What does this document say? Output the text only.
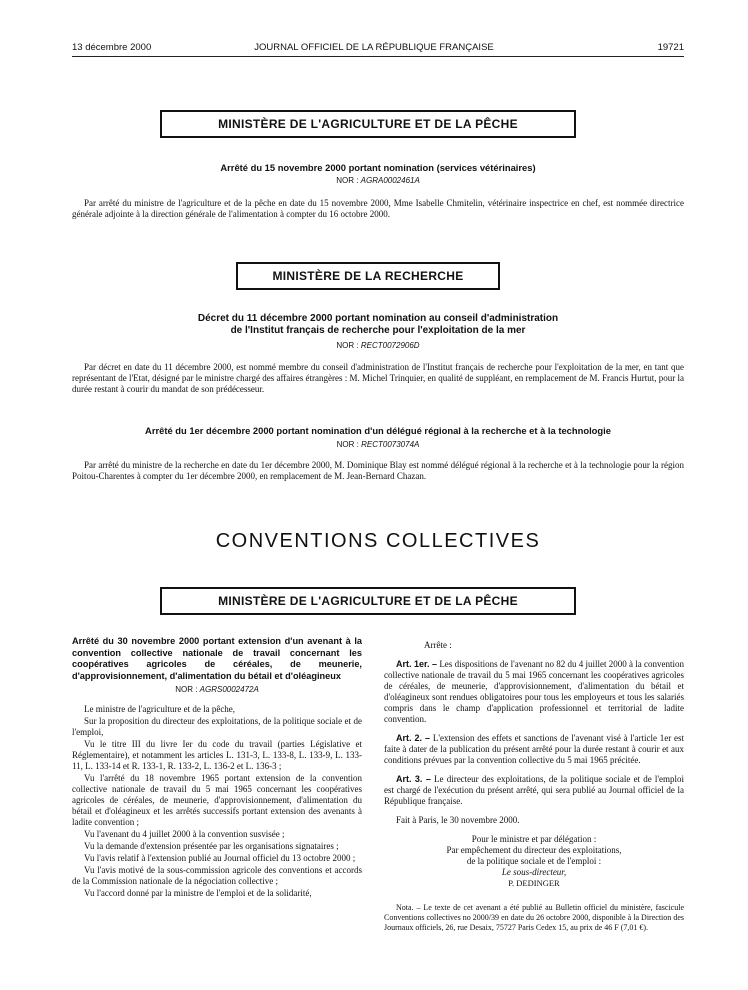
13 décembre 2000	JOURNAL OFFICIEL DE LA RÉPUBLIQUE FRANÇAISE	19721
MINISTÈRE DE L'AGRICULTURE ET DE LA PÊCHE
Arrêté du 15 novembre 2000 portant nomination (services vétérinaires)
NOR : AGRA0002461A

Par arrêté du ministre de l'agriculture et de la pêche en date du 15 novembre 2000, Mme Isabelle Chmitelin, vétérinaire inspectrice en chef, est nommée directrice générale adjointe à la direction générale de l'alimentation à compter du 16 octobre 2000.

MINISTÈRE DE LA RECHERCHE
Décret du 11 décembre 2000 portant nomination au conseil d'administration
de l'Institut français de recherche pour l'exploitation de la mer
NOR : RECT0072906D

Par décret en date du 11 décembre 2000, est nommé membre du conseil d'administration de l'Institut français de recherche pour l'exploitation de la mer, en tant que représentant de l'Etat, désigné par le ministre chargé des affaires étrangères : M. Michel Trinquier, en qualité de suppléant, en remplacement de M. Francis Hurtut, pour la durée restant à courir du mandat de son prédécesseur.

Arrêté du 1er décembre 2000 portant nomination d'un délégué régional à la recherche et à la technologie
NOR : RECT0073074A

Par arrêté du ministre de la recherche en date du 1er décembre 2000, M. Dominique Blay est nommé délégué régional à la recherche et à la technologie pour la région Poitou-Charentes à compter du 1er décembre 2000, en remplacement de M. Jean-Bernard Chazan.

CONVENTIONS COLLECTIVES
MINISTÈRE DE L'AGRICULTURE ET DE LA PÊCHE
Arrêté du 30 novembre 2000 portant extension d'un avenant à la convention collective nationale de travail concernant les coopératives agricoles de céréales, de meunerie, d'approvisionnement, d'alimentation du bétail et d'oléagineux
NOR : AGRS0002472A

Le ministre de l'agriculture et de la pêche,

Sur la proposition du directeur des exploitations, de la politique sociale et de l'emploi,

Vu le titre III du livre Ier du code du travail (parties Législative et Réglementaire), et notamment les articles L. 131-3, L. 133-8, L. 133-9, L. 133-11, L. 133-14 et R. 133-1, R. 133-2, L. 136-2 et L. 136-3 ;

Vu l'arrêté du 18 novembre 1965 portant extension de la convention collective nationale de travail du 5 mai 1965 concernant les coopératives agricoles de céréales, de meunerie, d'approvisionnement, d'alimentation du bétail et d'oléagineux et les arrêtés successifs portant extension des avenants à ladite convention ;

Vu l'avenant du 4 juillet 2000 à la convention susvisée ;

Vu la demande d'extension présentée par les organisations signataires ;

Vu l'avis relatif à l'extension publié au Journal officiel du 13 octobre 2000 ;

Vu l'avis motivé de la sous-commission agricole des conventions et accords de la Commission nationale de la négociation collective ;

Vu l'accord donné par la ministre de l'emploi et de la solidarité,

Arrête :

Art. 1er. – Les dispositions de l'avenant no 82 du 4 juillet 2000 à la convention collective nationale de travail du 5 mai 1965 concernant les coopératives agricoles de céréales, de meunerie, d'approvisionnement, d'alimentation du bétail et d'oléagineux sont rendues obligatoires pour tous les employeurs et tous les salariés compris dans le champ d'application professionnel et territorial de ladite convention.

Art. 2. – L'extension des effets et sanctions de l'avenant visé à l'article 1er est faite à dater de la publication du présent arrêté pour la durée restant à courir et aux conditions prévues par la convention collective du 5 mai 1965 précitée.

Art. 3. – Le directeur des exploitations, de la politique sociale et de l'emploi est chargé de l'exécution du présent arrêté, qui sera publié au Journal officiel de la République française.

Fait à Paris, le 30 novembre 2000.

Pour le ministre et par délégation :
Par empêchement du directeur des exploitations,
de la politique sociale et de l'emploi :
Le sous-directeur,
P. DEDINGER
Nota. – Le texte de cet avenant a été publié au Bulletin officiel du ministère, fascicule Conventions collectives no 2000/39 en date du 26 octobre 2000, disponible à la Direction des Journaux officiels, 26, rue Desaix, 75727 Paris Cedex 15, au prix de 46 F (7,01 €).
